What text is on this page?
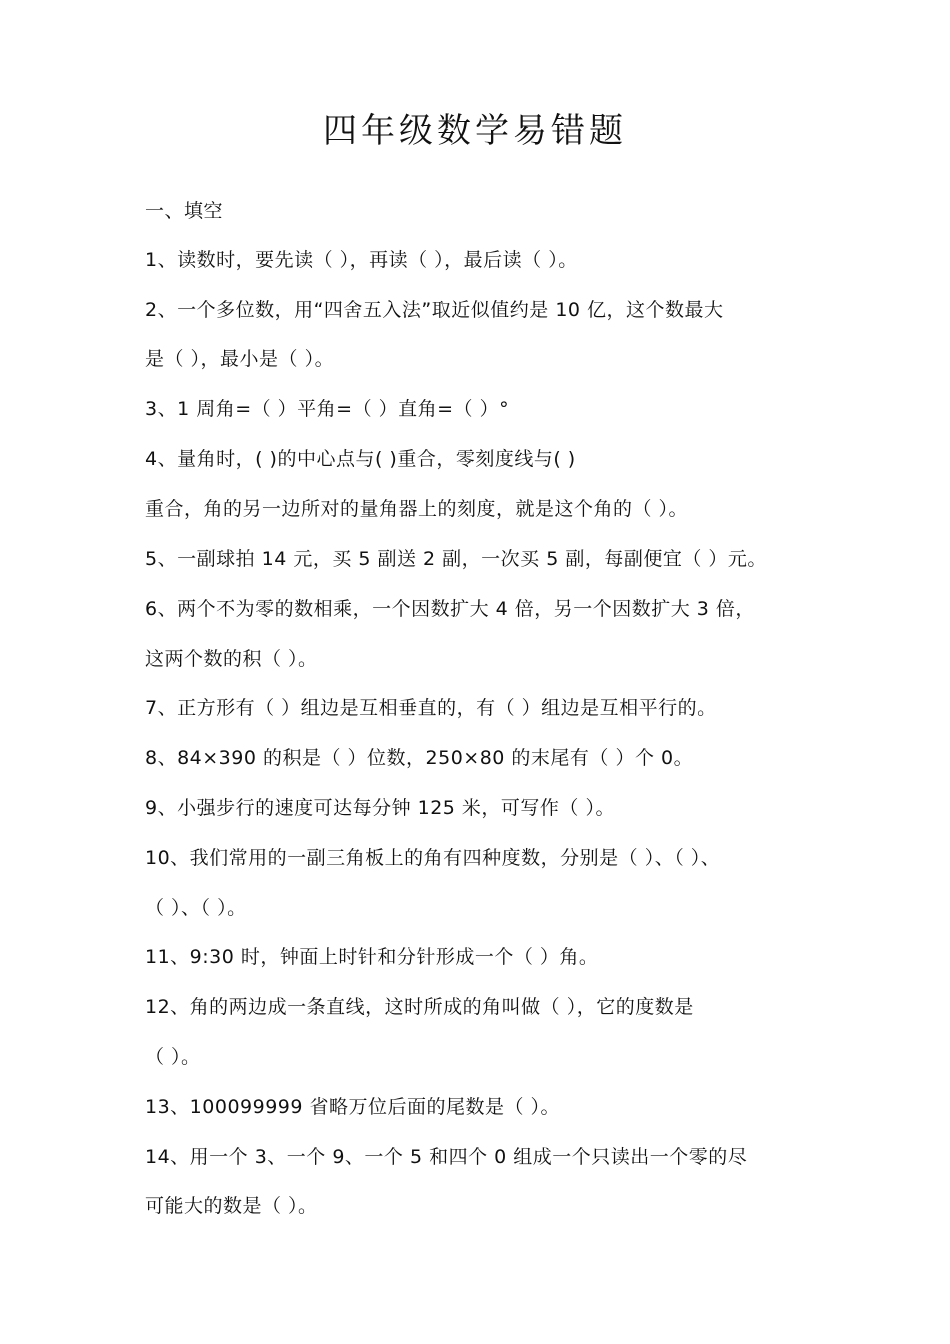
四年级数学易错题
一、填空
1、读数时，要先读（ ），再读（ ），最后读（ ）。
2、一个多位数，用“四舍五入法”取近似值约是 10 亿，这个数最大
是（ ），最小是（ ）。
3、1 周角=（ ）平角=（ ）直角=（ ）°
4、量角时，( )的中心点与( )重合，零刻度线与( )
重合，角的另一边所对的量角器上的刻度，就是这个角的（ ）。
5、一副球拍 14 元，买 5 副送 2 副，一次买 5 副，每副便宜（ ）元。
6、两个不为零的数相乘，一个因数扩大 4 倍，另一个因数扩大 3 倍，
这两个数的积（ ）。
7、正方形有（ ）组边是互相垂直的，有（ ）组边是互相平行的。
8、84×390 的积是（ ）位数，250×80 的末尾有（ ）个 0。
9、小强步行的速度可达每分钟 125 米，可写作（ ）。
10、我们常用的一副三角板上的角有四种度数，分别是（ ）、（ ）、
（ ）、（ ）。
11、9:30 时，钟面上时针和分针形成一个（ ）角。
12、角的两边成一条直线，这时所成的角叫做（ ），它的度数是
（ ）。
13、100099999 省略万位后面的尾数是（ ）。
14、用一个 3、一个 9、一个 5 和四个 0 组成一个只读出一个零的尽
可能大的数是（ ）。
